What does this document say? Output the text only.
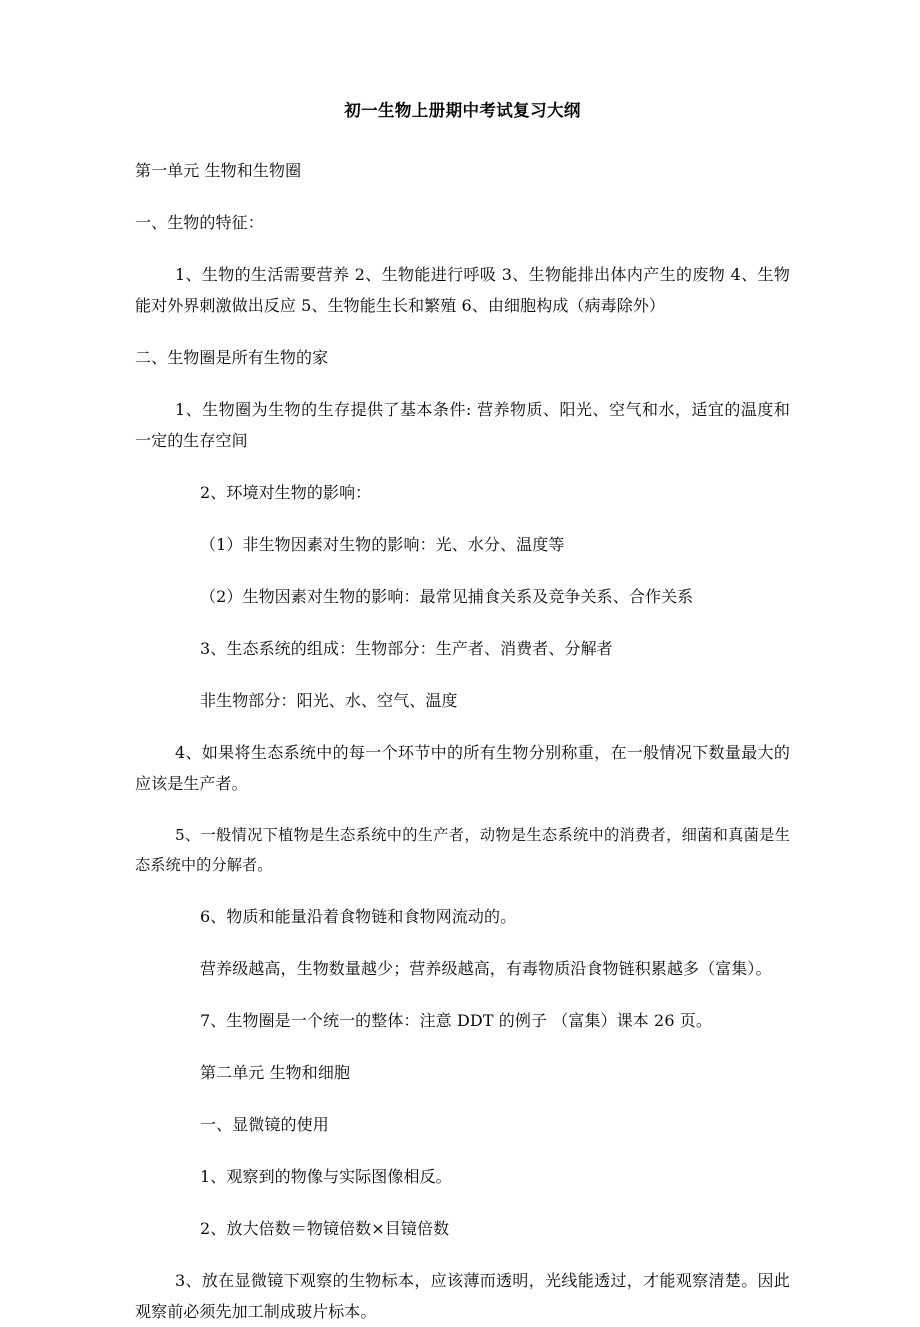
初一生物上册期中考试复习大纲

第一单元 生物和生物圈

一、生物的特征：

1、生物的生活需要营养 2、生物能进行呼吸 3、生物能排出体内产生的废物 4、生物能对外界刺激做出反应 5、生物能生长和繁殖 6、由细胞构成（病毒除外）

二、生物圈是所有生物的家

1、生物圈为生物的生存提供了基本条件: 营养物质、阳光、空气和水，适宜的温度和一定的生存空间

2、环境对生物的影响：

（1）非生物因素对生物的影响：光、水分、温度等

（2）生物因素对生物的影响：最常见捕食关系及竞争关系、合作关系

3、生态系统的组成：生物部分：生产者、消费者、分解者

非生物部分：阳光、水、空气、温度

4、如果将生态系统中的每一个环节中的所有生物分别称重，在一般情况下数量最大的应该是生产者。

5、一般情况下植物是生态系统中的生产者，动物是生态系统中的消费者，细菌和真菌是生态系统中的分解者。

6、物质和能量沿着食物链和食物网流动的。

营养级越高，生物数量越少；营养级越高，有毒物质沿食物链积累越多（富集）。

7、生物圈是一个统一的整体：注意 DDT 的例子 （富集）课本 26 页。

第二单元 生物和细胞

一、显微镜的使用

1、观察到的物像与实际图像相反。

2、放大倍数＝物镜倍数×目镜倍数

3、放在显微镜下观察的生物标本，应该薄而透明，光线能透过，才能观察清楚。因此观察前必须先加工制成玻片标本。
